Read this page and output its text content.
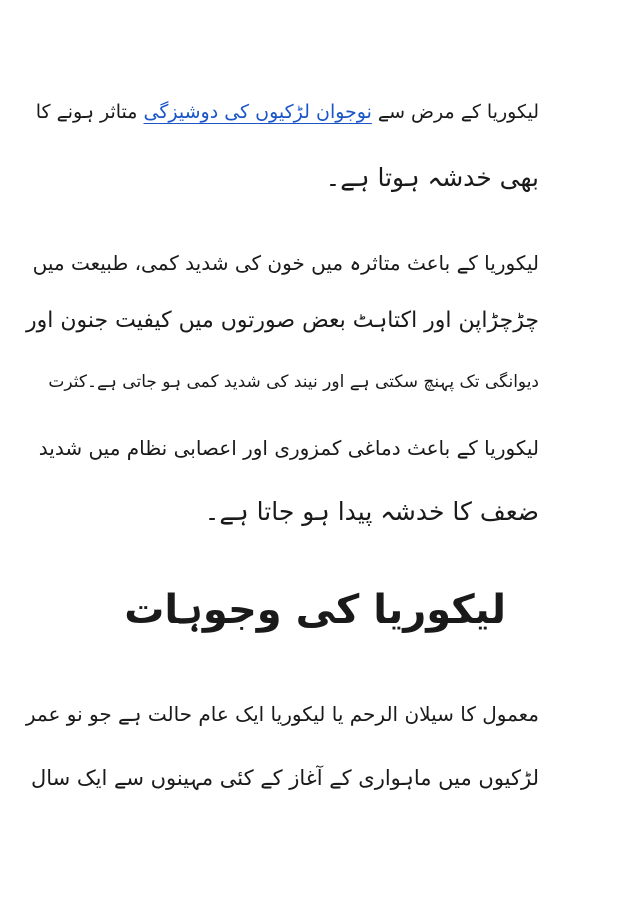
لیکوریا کے مرض سے نوجوان لڑکیوں کی دوشیزگی متاثر ہونے کا
بھی خدشہ ہوتا ہے۔
لیکوریا کے باعث متاثرہ میں خون کی شدید کمی، طبیعت میں
چڑچڑاپن اور اکتاہٹ بعض صورتوں میں کیفیت جنون اور
دیوانگی تک پہنچ سکتی ہے اور نیند کی شدید کمی ہو جاتی ہے۔کثرت
لیکوریا کے باعث دماغی کمزوری اور اعصابی نظام میں شدید
ضعف کا خدشہ پیدا ہو جاتا ہے۔
لیکوریا کی وجوہات
معمول کا سیلان الرحم یا لیکوریا ایک عام حالت ہے جو نو عمر
لڑکیوں میں ماہواری کے آغاز کے کئی مہینوں سے ایک سال
